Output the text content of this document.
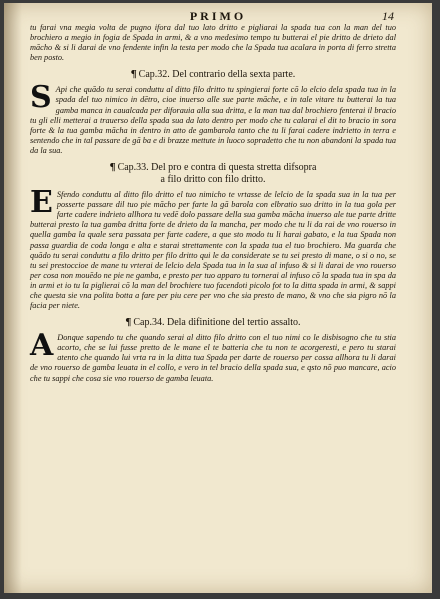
PRIMO	14

tu farai vna megia volta de pugno ifora dal tuo lato dritto e pigliarai la spada tua con la man del tuo brochiero a megio in fogia de Spada in armi, & a vno medesimo tempo tu butterai el pie dritto de drieto dal mācho & si li darai de vno fendente infin la testa per modo che la Spada tua acalara in porta di ferro stretta ben posto.

¶ Cap.32. Del contrario della sexta parte.

S Api che quādo tu serai conduttu al ditto filo dritto tu spingierai forte cō lo elcio dela spada tua in la spada del tuo nimico in dētro, cioe inuerso alle sue parte māche, e in tale vitare tu butterai la tua gamba manca in caualcada per diforauia alla sua dritta, e la man tua dal brochiero fenterai il bracio tu gli elli metterai a trauerso della spada sua da lato dentro per modo che tu calarai el dit to bracio in sora forte & la tua gamba mācha in dentro in atto de gambarola tanto che tu li farai cadere indrietto in terra e sentendo che in tal passare de gā ba e di brazze mettute in luoco sopradetto che tu non abandoni la spada tua da la sua.

¶ Cap.33. Del pro e contra di questa stretta difsopra
a filo dritto con filo dritto.

E Sfendo conduttu al ditto filo dritto el tuo nimicho te vrtasse de lelcio de la spada sua in la tua per posserte passare dil tuo pie mācho per farte la gā barola con elbratio suo dritto in la tua gola per farte cadere indrieto allhora tu vedē dolo passare della sua gamba mācha inuerso ale tue parte dritte butterai presto la tua gamba dritta forte de drieto da la mancha, per modo che tu li da rai de vno rouerso in quella gamba la quale sera passata per farte cadere, a que sto modo tu li harai gabato, e la tua Spada non passa guardia de coda longa e alta e starai strettamente con la spada tua el tuo brochiero. Ma guarda che quādo tu serai conduttu a filo dritto per filo dritto qui le da considerate se tu sei presto di mane, o si o no, se tu sei prestoccioe de mane tu vrterai de lelcio dela Spada tua in la sua al infuso & si li darai de vno rouerso per cosa non mouēdo ne pie ne gamba, e presto per tuo apparo tu tornerai al infuso cō la spada tua in spa da in armi et io tu la piglierai cō la man del brochiere tuo facendoti picolo fot to la ditta spada in armi, & sappi che questa sie vna polita botta a fare per piu cere per vno che sia presto de mano, & vno che sia pigro nō la facia per niete.

¶ Cap.34. Dela difinitione del tertio assalto.

A Donque sapendo tu che quando serai al ditto filo dritto con el tuo nimi co le disbisogno che tu stia acorto, che se lui fusse pretto de le mane el te batteria che tu non te acorgeresti, e pero tu starai atento che quando lui vrta ra in la ditta tua Spada per darte de rouerso per cossa allhora tu li darai de vno rouerso de gamba leuata in el collo, e vero in tel bracio della spada sua, e qsto nō puo mancare, acio che tu sappi che cosa sie vno rouerso de gamba leuata.
